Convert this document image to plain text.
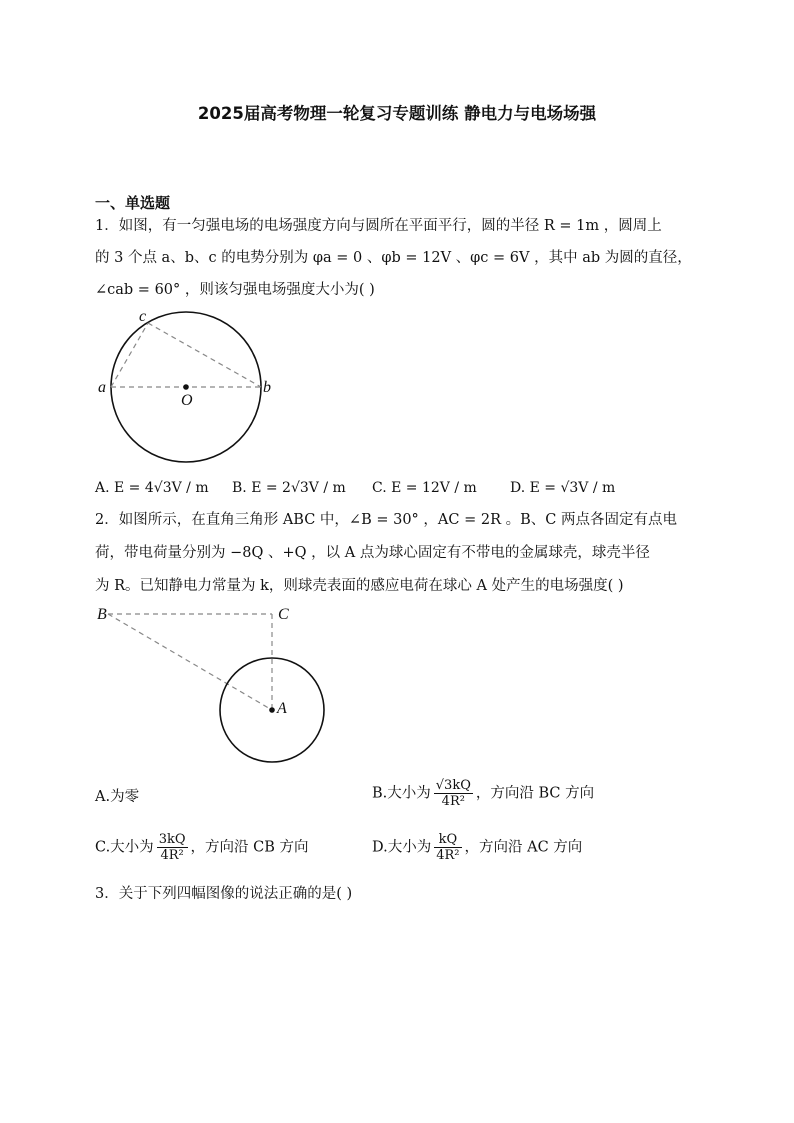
2025届高考物理一轮复习专题训练 静电力与电场场强
一、单选题
1．如图，有一匀强电场的电场强度方向与圆所在平面平行，圆的半径 R = 1m ，圆周上
的 3 个点 a、b、c 的电势分别为 φa = 0 、φb = 12V 、φc = 6V ，其中 ab 为圆的直径，
∠cab = 60° ，则该匀强电场强度大小为( )
a	b
c
O
A. E = 4√3V / m B. E = 2√3V / m C. E = 12V / m D. E = √3V / m
2．如图所示，在直角三角形 ABC 中，∠B = 30° ，AC = 2R 。B、C 两点各固定有点电
荷，带电荷量分别为 −8Q 、+Q ，以 A 点为球心固定有不带电的金属球壳，球壳半径
为 R。已知静电力常量为 k，则球壳表面的感应电荷在球心 A 处产生的电场强度( )
B	C
A
A.为零	B.大小为 $\frac{√3kQ}{\text{4R²}}$ ，方向沿 BC 方向
C.大小为 $\frac{3kQ}{\text{4R²}}$ ，方向沿 CB 方向	D.大小为 $\frac{kQ}{\text{4R²}}$ ，方向沿 AC 方向
3．关于下列四幅图像的说法正确的是( )
